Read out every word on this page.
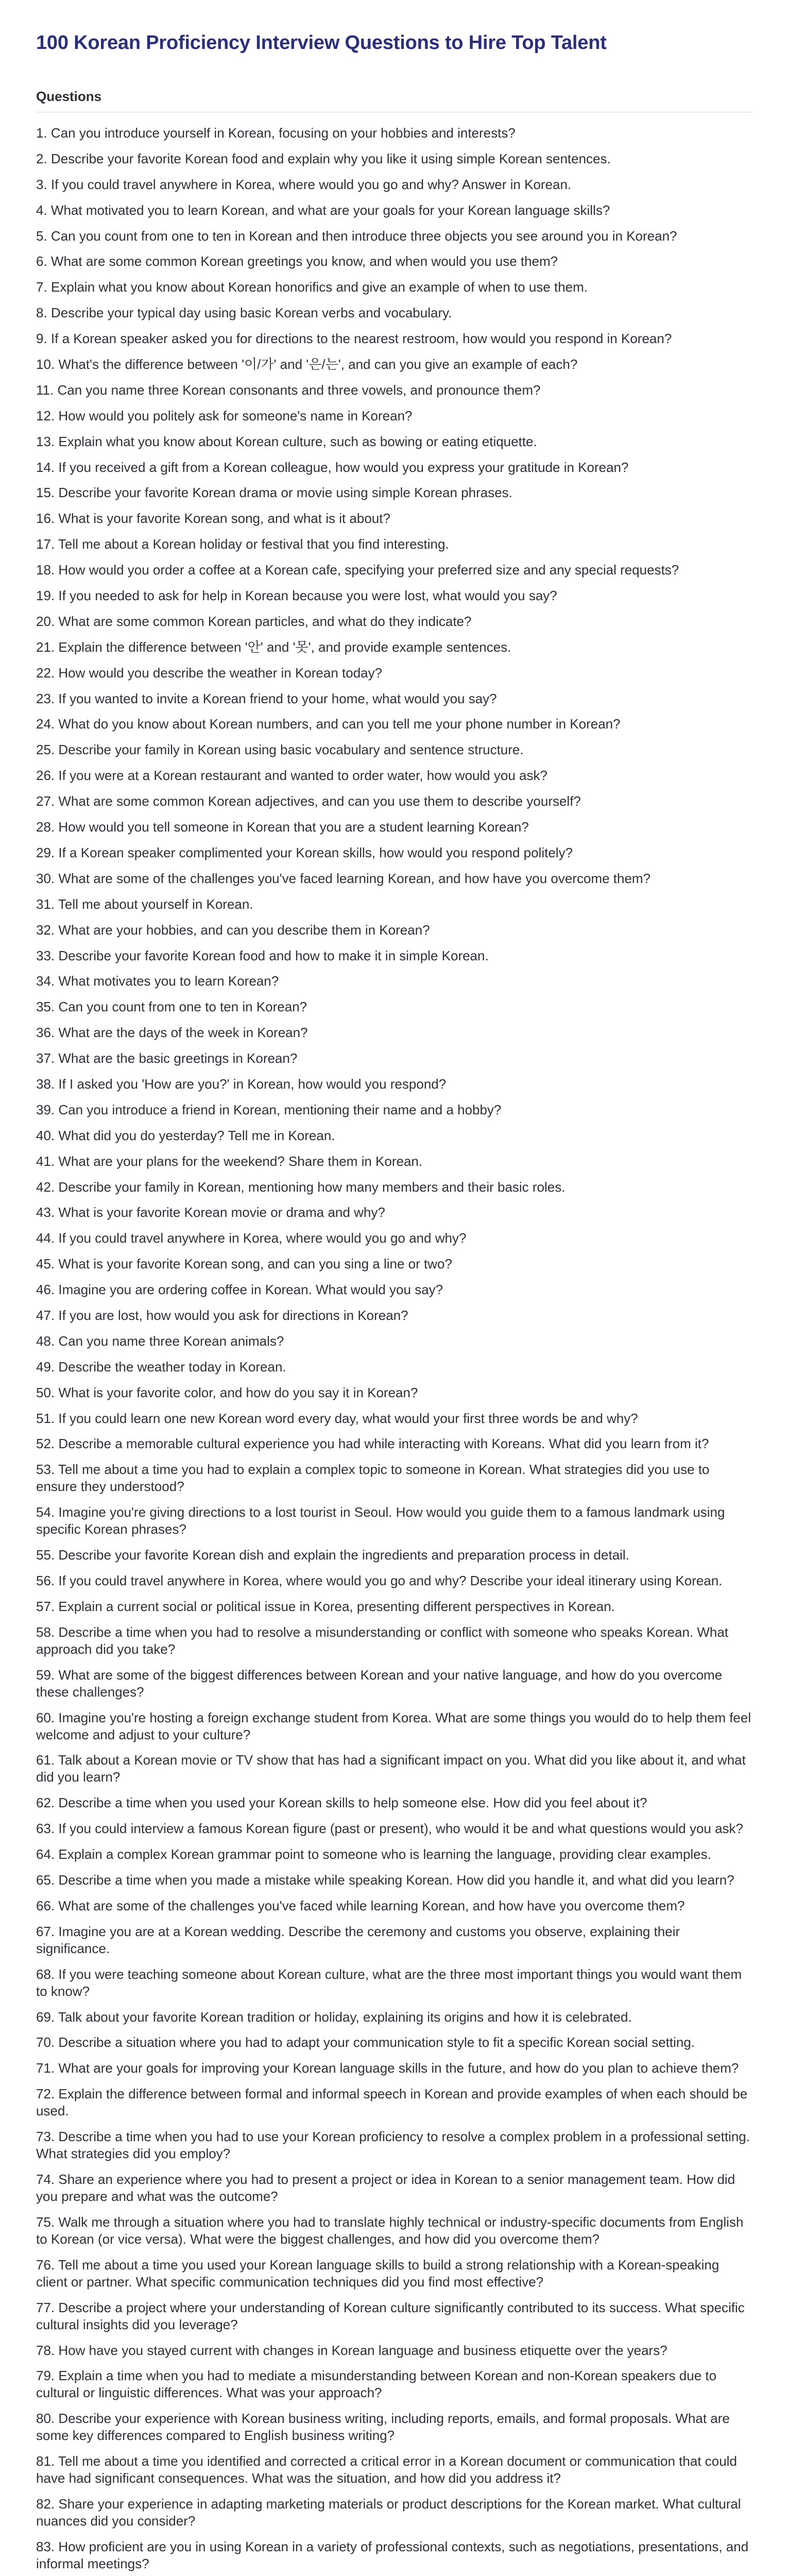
100 Korean Proficiency Interview Questions to Hire Top Talent
Questions
1 . Can you introduce yourself in Korean, focusing on your hobbies and interests?
2 . Describe your favorite Korean food and explain why you like it using simple Korean sentences.
3 . If you could travel anywhere in Korea, where would you go and why? Answer in Korean.
4 . What motivated you to learn Korean, and what are your goals for your Korean language skills?
5 . Can you count from one to ten in Korean and then introduce three objects you see around you in Korean?
6 . What are some common Korean greetings you know, and when would you use them?
7 . Explain what you know about Korean honorifics and give an example of when to use them.
8 . Describe your typical day using basic Korean verbs and vocabulary.
9 . If a Korean speaker asked you for directions to the nearest restroom, how would you respond in Korean?
10 . What's the difference between '이/가' and '은/는', and can you give an example of each?
11 . Can you name three Korean consonants and three vowels, and pronounce them?
12 . How would you politely ask for someone's name in Korean?
13 . Explain what you know about Korean culture, such as bowing or eating etiquette.
14 . If you received a gift from a Korean colleague, how would you express your gratitude in Korean?
15 . Describe your favorite Korean drama or movie using simple Korean phrases.
16 . What is your favorite Korean song, and what is it about?
17 . Tell me about a Korean holiday or festival that you find interesting.
18 . How would you order a coffee at a Korean cafe, specifying your preferred size and any special requests?
19 . If you needed to ask for help in Korean because you were lost, what would you say?
20 . What are some common Korean particles, and what do they indicate?
21 . Explain the difference between '안' and '못', and provide example sentences.
22 . How would you describe the weather in Korean today?
23 . If you wanted to invite a Korean friend to your home, what would you say?
24 . What do you know about Korean numbers, and can you tell me your phone number in Korean?
25 . Describe your family in Korean using basic vocabulary and sentence structure.
26 . If you were at a Korean restaurant and wanted to order water, how would you ask?
27 . What are some common Korean adjectives, and can you use them to describe yourself?
28 . How would you tell someone in Korean that you are a student learning Korean?
29 . If a Korean speaker complimented your Korean skills, how would you respond politely?
30 . What are some of the challenges you've faced learning Korean, and how have you overcome them?
31 . Tell me about yourself in Korean.
32 . What are your hobbies, and can you describe them in Korean?
33 . Describe your favorite Korean food and how to make it in simple Korean.
34 . What motivates you to learn Korean?
35 . Can you count from one to ten in Korean?
36 . What are the days of the week in Korean?
37 . What are the basic greetings in Korean?
38 . If I asked you 'How are you?' in Korean, how would you respond?
39 . Can you introduce a friend in Korean, mentioning their name and a hobby?
40 . What did you do yesterday? Tell me in Korean.
41 . What are your plans for the weekend? Share them in Korean.
42 . Describe your family in Korean, mentioning how many members and their basic roles.
43 . What is your favorite Korean movie or drama and why?
44 . If you could travel anywhere in Korea, where would you go and why?
45 . What is your favorite Korean song, and can you sing a line or two?
46 . Imagine you are ordering coffee in Korean. What would you say?
47 . If you are lost, how would you ask for directions in Korean?
48 . Can you name three Korean animals?
49 . Describe the weather today in Korean.
50 . What is your favorite color, and how do you say it in Korean?
51 . If you could learn one new Korean word every day, what would your first three words be and why?
52 . Describe a memorable cultural experience you had while interacting with Koreans. What did you learn from it?
53 . Tell me about a time you had to explain a complex topic to someone in Korean. What strategies did you use to ensure they understood?
54 . Imagine you're giving directions to a lost tourist in Seoul. How would you guide them to a famous landmark using specific Korean phrases?
55 . Describe your favorite Korean dish and explain the ingredients and preparation process in detail.
56 . If you could travel anywhere in Korea, where would you go and why? Describe your ideal itinerary using Korean.
57 . Explain a current social or political issue in Korea, presenting different perspectives in Korean.
58 . Describe a time when you had to resolve a misunderstanding or conflict with someone who speaks Korean. What approach did you take?
59 . What are some of the biggest differences between Korean and your native language, and how do you overcome these challenges?
60 . Imagine you're hosting a foreign exchange student from Korea. What are some things you would do to help them feel welcome and adjust to your culture?
61 . Talk about a Korean movie or TV show that has had a significant impact on you. What did you like about it, and what did you learn?
62 . Describe a time when you used your Korean skills to help someone else. How did you feel about it?
63 . If you could interview a famous Korean figure (past or present), who would it be and what questions would you ask?
64 . Explain a complex Korean grammar point to someone who is learning the language, providing clear examples.
65 . Describe a time when you made a mistake while speaking Korean. How did you handle it, and what did you learn?
66 . What are some of the challenges you've faced while learning Korean, and how have you overcome them?
67 . Imagine you are at a Korean wedding. Describe the ceremony and customs you observe, explaining their significance.
68 . If you were teaching someone about Korean culture, what are the three most important things you would want them to know?
69 . Talk about your favorite Korean tradition or holiday, explaining its origins and how it is celebrated.
70 . Describe a situation where you had to adapt your communication style to fit a specific Korean social setting.
71 . What are your goals for improving your Korean language skills in the future, and how do you plan to achieve them?
72 . Explain the difference between formal and informal speech in Korean and provide examples of when each should be used.
73 . Describe a time when you had to use your Korean proficiency to resolve a complex problem in a professional setting. What strategies did you employ?
74 . Share an experience where you had to present a project or idea in Korean to a senior management team. How did you prepare and what was the outcome?
75 . Walk me through a situation where you had to translate highly technical or industry-specific documents from English to Korean (or vice versa). What were the biggest challenges, and how did you overcome them?
76 . Tell me about a time you used your Korean language skills to build a strong relationship with a Korean-speaking client or partner. What specific communication techniques did you find most effective?
77 . Describe a project where your understanding of Korean culture significantly contributed to its success. What specific cultural insights did you leverage?
78 . How have you stayed current with changes in Korean language and business etiquette over the years?
79 . Explain a time when you had to mediate a misunderstanding between Korean and non-Korean speakers due to cultural or linguistic differences. What was your approach?
80 . Describe your experience with Korean business writing, including reports, emails, and formal proposals. What are some key differences compared to English business writing?
81 . Tell me about a time you identified and corrected a critical error in a Korean document or communication that could have had significant consequences. What was the situation, and how did you address it?
82 . Share your experience in adapting marketing materials or product descriptions for the Korean market. What cultural nuances did you consider?
83 . How proficient are you in using Korean in a variety of professional contexts, such as negotiations, presentations, and informal meetings?
